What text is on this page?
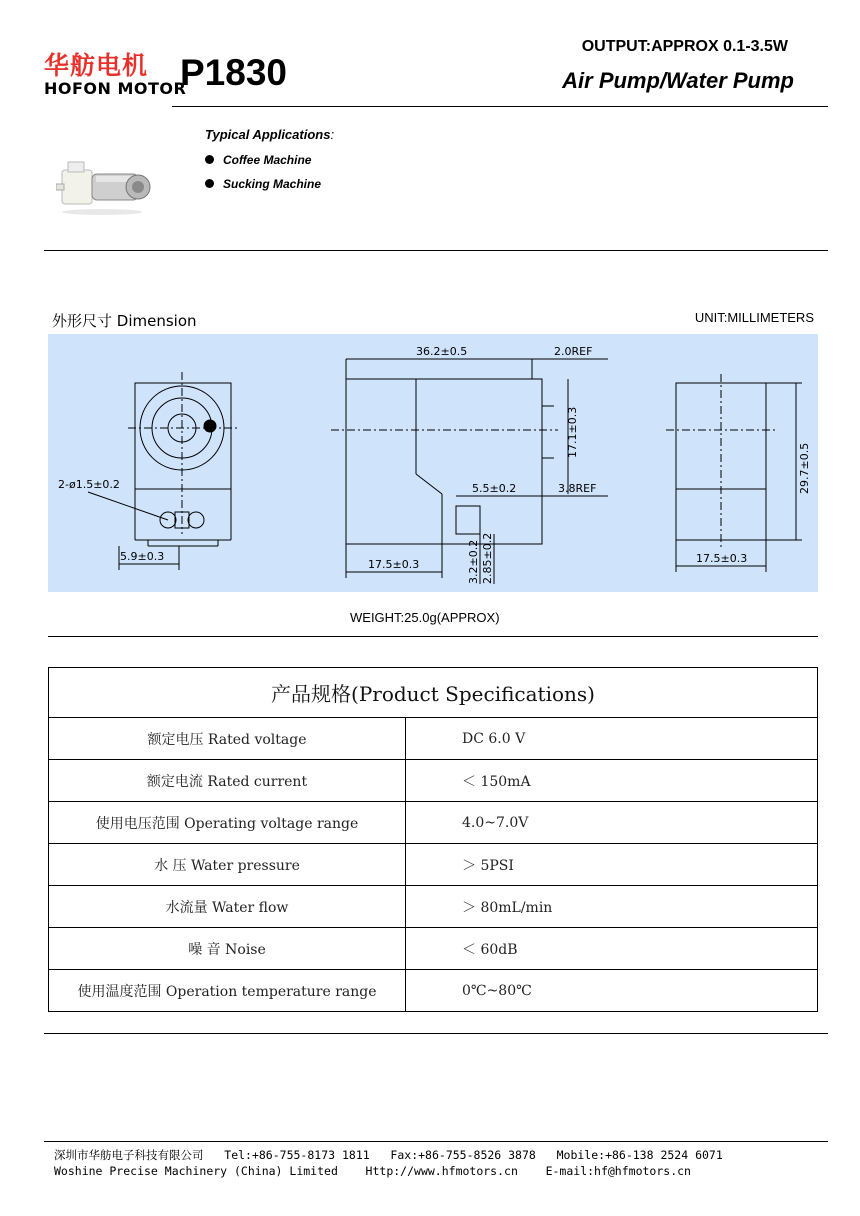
华舫电机
HOFON MOTOR
P1830
OUTPUT:APPROX 0.1-3.5W
Air Pump/Water Pump
Typical Applications:
Coffee Machine
Sucking Machine
外形尺寸 Dimension	UNIT:MILLIMETERS
36.2±0.5	2.0REF
17.1±0.3
5.5±0.2	3.8REF
2-ø1.5±0.2
5.9±0.3
17.5±0.3	3.2±0.2 2.85±0.2
29.7±0.5
17.5±0.3
WEIGHT:25.0g(APPROX)
产品规格(Product Specifications)	
额定电压 Rated voltage	DC 6.0 V
额定电流 Rated current	＜ 150mA
使用电压范围 Operating voltage range	4.0~7.0V
水 压 Water pressure	＞ 5PSI
水流量 Water flow	＞ 80mL/min
噪 音 Noise	＜ 60dB
使用温度范围 Operation temperature range	0℃~80℃
深圳市华舫电子科技有限公司   Tel:+86-755-8173 1811   Fax:+86-755-8526 3878   Mobile:+86-138 2524 6071
Woshine Precise Machinery (China) Limited    Http://www.hfmotors.cn    E-mail:hf@hfmotors.cn
